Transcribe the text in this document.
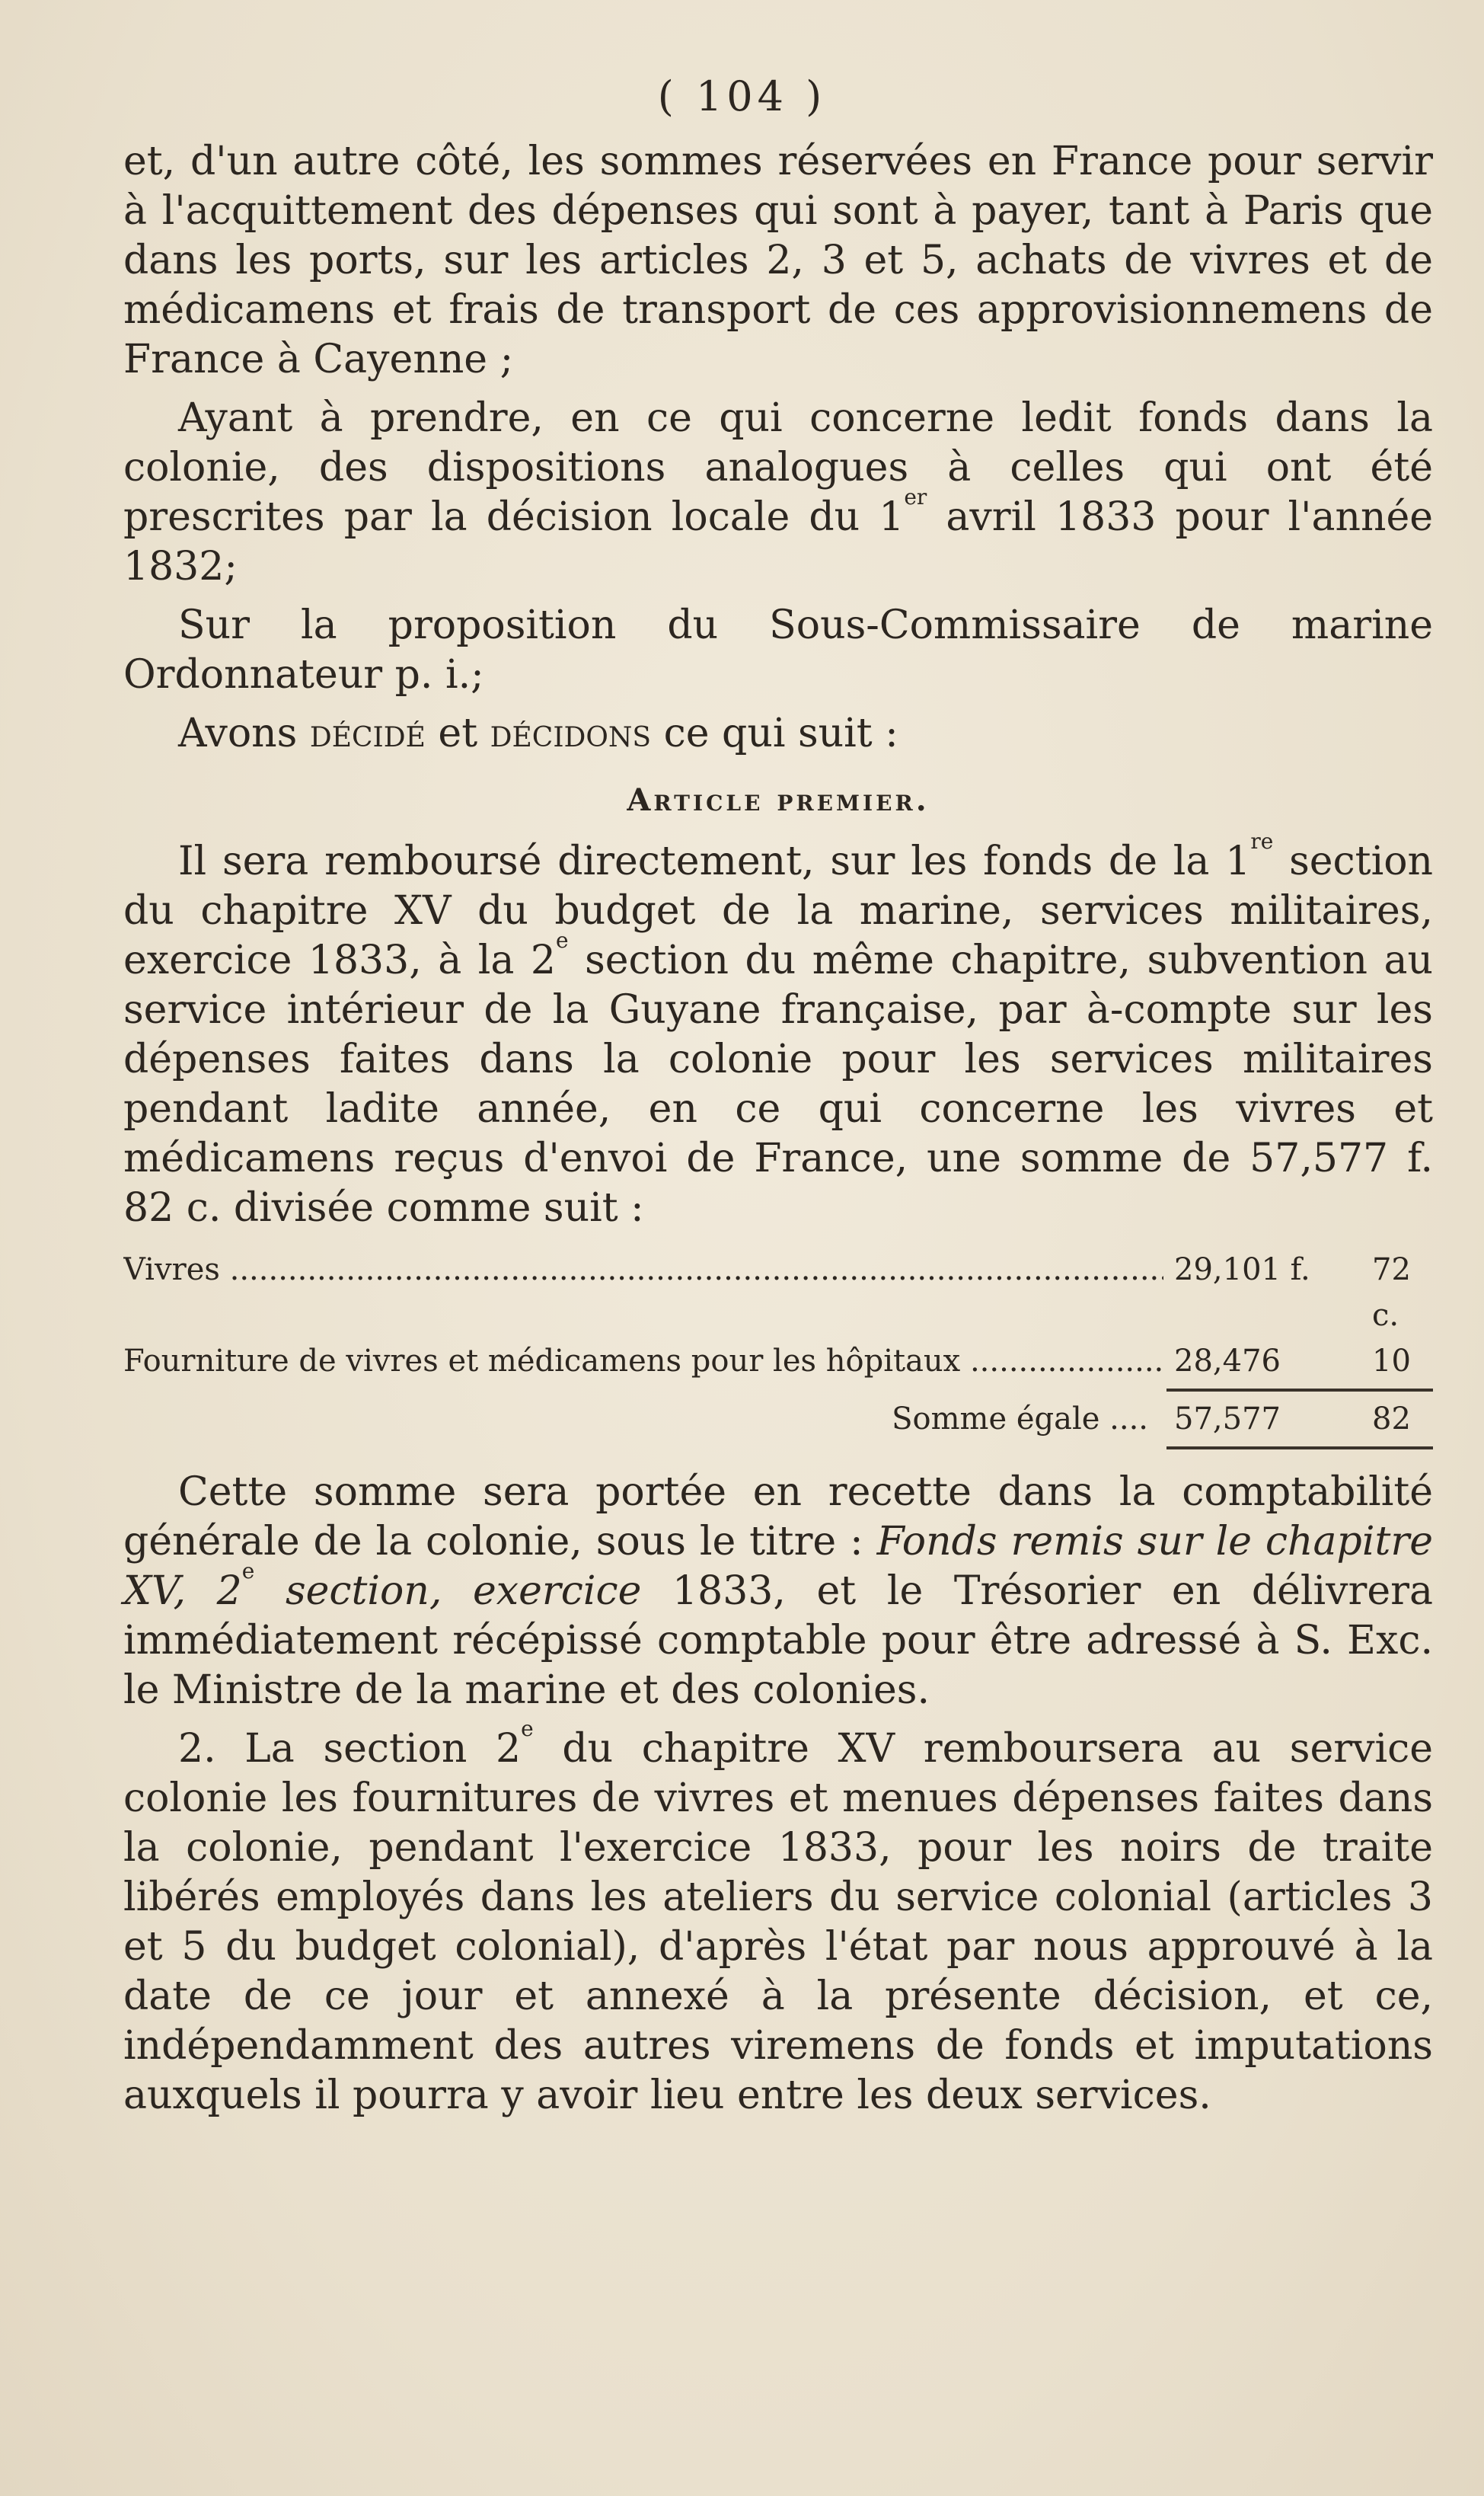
( 104 )

et, d'un autre côté, les sommes réservées en France pour servir à l'acquittement des dépenses qui sont à payer, tant à Paris que dans les ports, sur les articles 2, 3 et 5, achats de vivres et de médicamens et frais de transport de ces approvisionnemens de France à Cayenne ;

Ayant à prendre, en ce qui concerne ledit fonds dans la colonie, des dispositions analogues à celles qui ont été prescrites par la décision locale du 1er avril 1833 pour l'année 1832;

Sur la proposition du Sous-Commissaire de marine Ordonnateur p. i.;

Avons décidé et décidons ce qui suit :

Article premier.

Il sera remboursé directement, sur les fonds de la 1re section du chapitre XV du budget de la marine, services militaires, exercice 1833, à la 2e section du même chapitre, subvention au service intérieur de la Guyane française, par à-compte sur les dépenses faites dans la colonie pour les services militaires pendant ladite année, en ce qui concerne les vivres et médicamens reçus d'envoi de France, une somme de 57,577 f. 82 c. divisée comme suit :

Vivres .....	29,101 f.	72 c.
Fourniture de vivres et médicamens pour les hôpitaux .....	28,476	10
Somme égale ....	57,577	82

Cette somme sera portée en recette dans la comptabilité générale de la colonie, sous le titre : Fonds remis sur le chapitre XV, 2e section, exercice 1833, et le Trésorier en délivrera immédiatement récépissé comptable pour être adressé à S. Exc. le Ministre de la marine et des colonies.

2. La section 2e du chapitre XV remboursera au service colonie les fournitures de vivres et menues dépenses faites dans la colonie, pendant l'exercice 1833, pour les noirs de traite libérés employés dans les ateliers du service colonial (articles 3 et 5 du budget colonial), d'après l'état par nous approuvé à la date de ce jour et annexé à la présente décision, et ce, indépendamment des autres viremens de fonds et imputations auxquels il pourra y avoir lieu entre les deux services.
